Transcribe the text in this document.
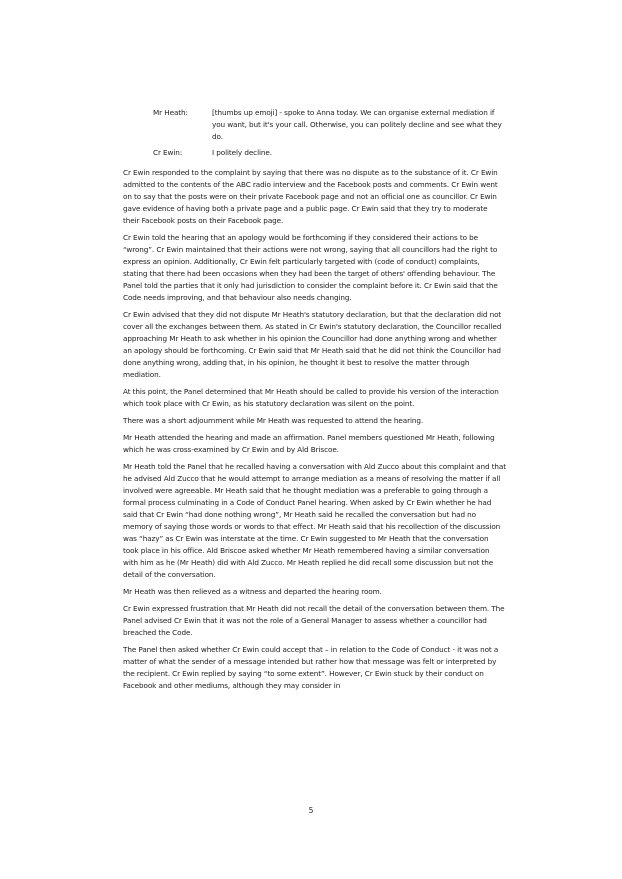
Mr Heath:	[thumbs up emoji] - spoke to Anna today. We can organise external mediation if you want, but it's your call. Otherwise, you can politely decline and see what they do.
Cr Ewin:	I politely decline.

Cr Ewin responded to the complaint by saying that there was no dispute as to the substance of it. Cr Ewin admitted to the contents of the ABC radio interview and the Facebook posts and comments. Cr Ewin went on to say that the posts were on their private Facebook page and not an official one as councillor. Cr Ewin gave evidence of having both a private page and a public page. Cr Ewin said that they try to moderate their Facebook posts on their Facebook page.

Cr Ewin told the hearing that an apology would be forthcoming if they considered their actions to be “wrong”. Cr Ewin maintained that their actions were not wrong, saying that all councillors had the right to express an opinion. Additionally, Cr Ewin felt particularly targeted with (code of conduct) complaints, stating that there had been occasions when they had been the target of others' offending behaviour. The Panel told the parties that it only had jurisdiction to consider the complaint before it. Cr Ewin said that the Code needs improving, and that behaviour also needs changing.

Cr Ewin advised that they did not dispute Mr Heath's statutory declaration, but that the declaration did not cover all the exchanges between them. As stated in Cr Ewin's statutory declaration, the Councillor recalled approaching Mr Heath to ask whether in his opinion the Councillor had done anything wrong and whether an apology should be forthcoming. Cr Ewin said that Mr Heath said that he did not think the Councillor had done anything wrong, adding that, in his opinion, he thought it best to resolve the matter through mediation.

At this point, the Panel determined that Mr Heath should be called to provide his version of the interaction which took place with Cr Ewin, as his statutory declaration was silent on the point.

There was a short adjournment while Mr Heath was requested to attend the hearing.

Mr Heath attended the hearing and made an affirmation. Panel members questioned Mr Heath, following which he was cross-examined by Cr Ewin and by Ald Briscoe.

Mr Heath told the Panel that he recalled having a conversation with Ald Zucco about this complaint and that he advised Ald Zucco that he would attempt to arrange mediation as a means of resolving the matter if all involved were agreeable. Mr Heath said that he thought mediation was a preferable to going through a formal process culminating in a Code of Conduct Panel hearing. When asked by Cr Ewin whether he had said that Cr Ewin “had done nothing wrong”, Mr Heath said he recalled the conversation but had no memory of saying those words or words to that effect. Mr Heath said that his recollection of the discussion was “hazy” as Cr Ewin was interstate at the time. Cr Ewin suggested to Mr Heath that the conversation took place in his office. Ald Briscoe asked whether Mr Heath remembered having a similar conversation with him as he (Mr Heath) did with Ald Zucco. Mr Heath replied he did recall some discussion but not the detail of the conversation.

Mr Heath was then relieved as a witness and departed the hearing room.

Cr Ewin expressed frustration that Mr Heath did not recall the detail of the conversation between them. The Panel advised Cr Ewin that it was not the role of a General Manager to assess whether a councillor had breached the Code.

The Panel then asked whether Cr Ewin could accept that – in relation to the Code of Conduct - it was not a matter of what the sender of a message intended but rather how that message was felt or interpreted by the recipient. Cr Ewin replied by saying “to some extent”. However, Cr Ewin stuck by their conduct on Facebook and other mediums, although they may consider in

5
